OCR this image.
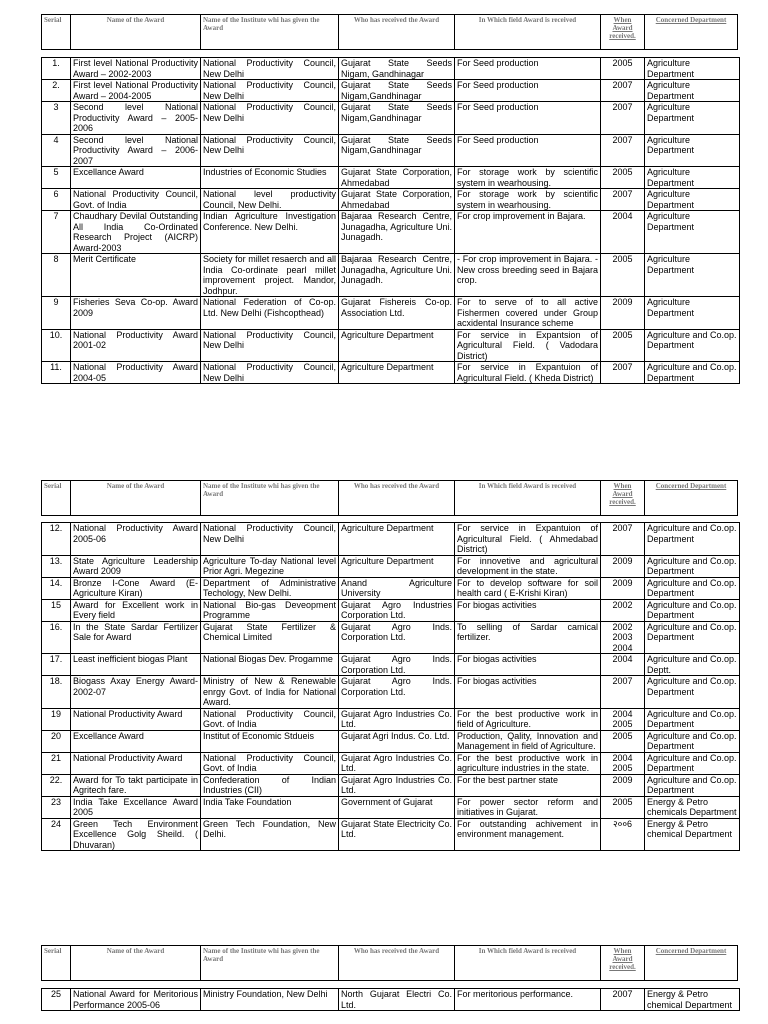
Serial	Name of the Award	Name of the Institute whi has given the Award	Who has received the Award	In Which field Award is received	When Award received.	Concerned Department
1.	First level National Productivity Award – 2002-2003	National Productivity Council, New Delhi	Gujarat State Seeds Nigam, Gandhinagar	For Seed production	2005	Agriculture Department
2.	First level National Productivity Award – 2004-2005	National Productivity Council, New Delhi	Gujarat State Seeds Nigam,Gandhinagar	For Seed production	2007	Agriculture Department
3	Second level National Productivity Award – 2005-2006	National Productivity Council, New Delhi	Gujarat State Seeds Nigam,Gandhinagar	For Seed production	2007	Agriculture Department
4	Second level National Productivity Award – 2006-2007	National Productivity Council, New Delhi	Gujarat State Seeds Nigam,Gandhinagar	For Seed production	2007	Agriculture Department
5	Excellance Award	Industries of Economic Studies	Gujarat State Corporation, Ahmedabad	For storage work by scientific system in wearhousing.	2005	Agriculture Department
6	National Productivity Council, Govt. of India	National level productivity Council, New Delhi.	Gujarat State Corporation, Ahmedabad	For storage work by scientific system in wearhousing.	2007	Agriculture Department
7	Chaudhary Devilal Outstanding All India Co-Ordinated Research Project (AICRP) Award-2003	Indian Agriculture Investigation Conference. New Delhi.	Bajaraa Research Centre, Junagadha, Agriculture Uni. Junagadh.	For crop improvement in Bajara.	2004	Agriculture Department
8	Merit Certificate	Society for millet resaerch and all India Co-ordinate pearl millet improvement project. Mandor, Jodhpur.	Bajaraa Research Centre, Junagadha, Agriculture Uni. Junagadh.	- For crop improvement in Bajara. - New cross breeding seed in Bajara crop.	2005	Agriculture Department
9	Fisheries Seva Co-op. Award 2009	National Federation of Co-op. Ltd. New Delhi (Fishcopthead)	Gujarat Fishereis Co-op. Association Ltd.	For to serve of to all active Fishermen covered under Group acxidental Insurance scheme	2009	Agriculture Department
10.	National Productivity Award 2001-02	National Productivity Council, New Delhi	Agriculture Department	For service in Expantsion of Agricultural Field. ( Vadodara District)	2005	Agriculture and Co.op. Department
11.	National Productivity Award 2004-05	National Productivity Council, New Delhi	Agriculture Department	For service in Expantuion of Agricultural Field. ( Kheda District)	2007	Agriculture and Co.op. Department
Serial	Name of the Award	Name of the Institute whi has given the Award	Who has received the Award	In Which field Award is received	When Award received.	Concerned Department
12.	National Productivity Award 2005-06	National Productivity Council, New Delhi	Agriculture Department	For service in Expantuion of Agricultural Field. ( Ahmedabad District)	2007	Agriculture and Co.op. Department
13.	State Agriculture Leadership Award 2009	Agriculture To-day National level Prior Agri. Megezine	Agriculture Department	For innovetive and agricultural development in the state.	2009	Agriculture and Co.op. Department
14.	Bronze I-Cone Award (E-Agriculture Kiran)	Department of Administrative Techology, New Delhi.	Anand Agriculture University	For to develop software for soil health card ( E-Krishi Kiran)	2009	Agriculture and Co.op. Department
15	Award for Excellent work in Every field	National Bio-gas Deveopment Programme	Gujarat Agro Industries Corporation Ltd.	For biogas activities	2002	Agriculture and Co.op. Department
16.	In the State Sardar Fertilizer Sale for Award	Gujarat State Fertilizer & Chemical Limited	Gujarat Agro Inds. Corporation Ltd.	To selling of Sardar camical fertilizer.	2002 2003 2004	Agriculture and Co.op. Department
17.	Least inefficient biogas Plant	National Biogas Dev. Progamme	Gujarat Agro Inds. Corporation Ltd.	For biogas activities	2004	Agriculture and Co.op. Deptt.
18.	Biogass Axay Energy Award-2002-07	Ministry of New & Renewable enrgy Govt. of India for National Award.	Gujarat Agro Inds. Corporation Ltd.	For biogas activities	2007	Agriculture and Co.op. Department
19	National Productivity Award	National Productivity Council, Govt. of India	Gujarat Agro Industries Co. Ltd.	For the best productive work in field of Agriculture.	2004 2005	Agriculture and Co.op. Department
20	Excellance Award	Institut of Economic Stdueis	Gujarat Agri Indus. Co. Ltd.	Production, Qality, Innovation and Management in field of Agriculture.	2005	Agriculture and Co.op. Department
21	National Productivity Award	National Productivity Council, Govt. of India	Gujarat Agro Industries Co. Ltd.	For the best productive work in agriculture industries in the state.	2004 2005	Agriculture and Co.op. Department
22.	Award for To takt participate in Agritech fare.	Confederation of Indian Industries (CII)	Gujarat Agro Industries Co. Ltd.	For the best partner state	2009	Agriculture and Co.op. Department
23	India Take Excellance Award 2005	India Take Foundation	Government of Gujarat	For power sector reform and initiatives in Gujarat.	2005	Energy & Petro chemicals Department
24	Green Tech Environment Excellence Golg Sheild. ( Dhuvaran)	Green Tech Foundation, New Delhi.	Gujarat State Electricity Co. Ltd.	For outstanding achivement in environment management.	२००6	Energy & Petro chemical Department
Serial	Name of the Award	Name of the Institute whi has given the Award	Who has received the Award	In Which field Award is received	When Award received.	Concerned Department
25	National Award for Meritorious Performance 2005-06	Ministry Foundation, New Delhi	North Gujarat Electri Co. Ltd.	For meritorious performance.	2007	Energy & Petro chemical Department
